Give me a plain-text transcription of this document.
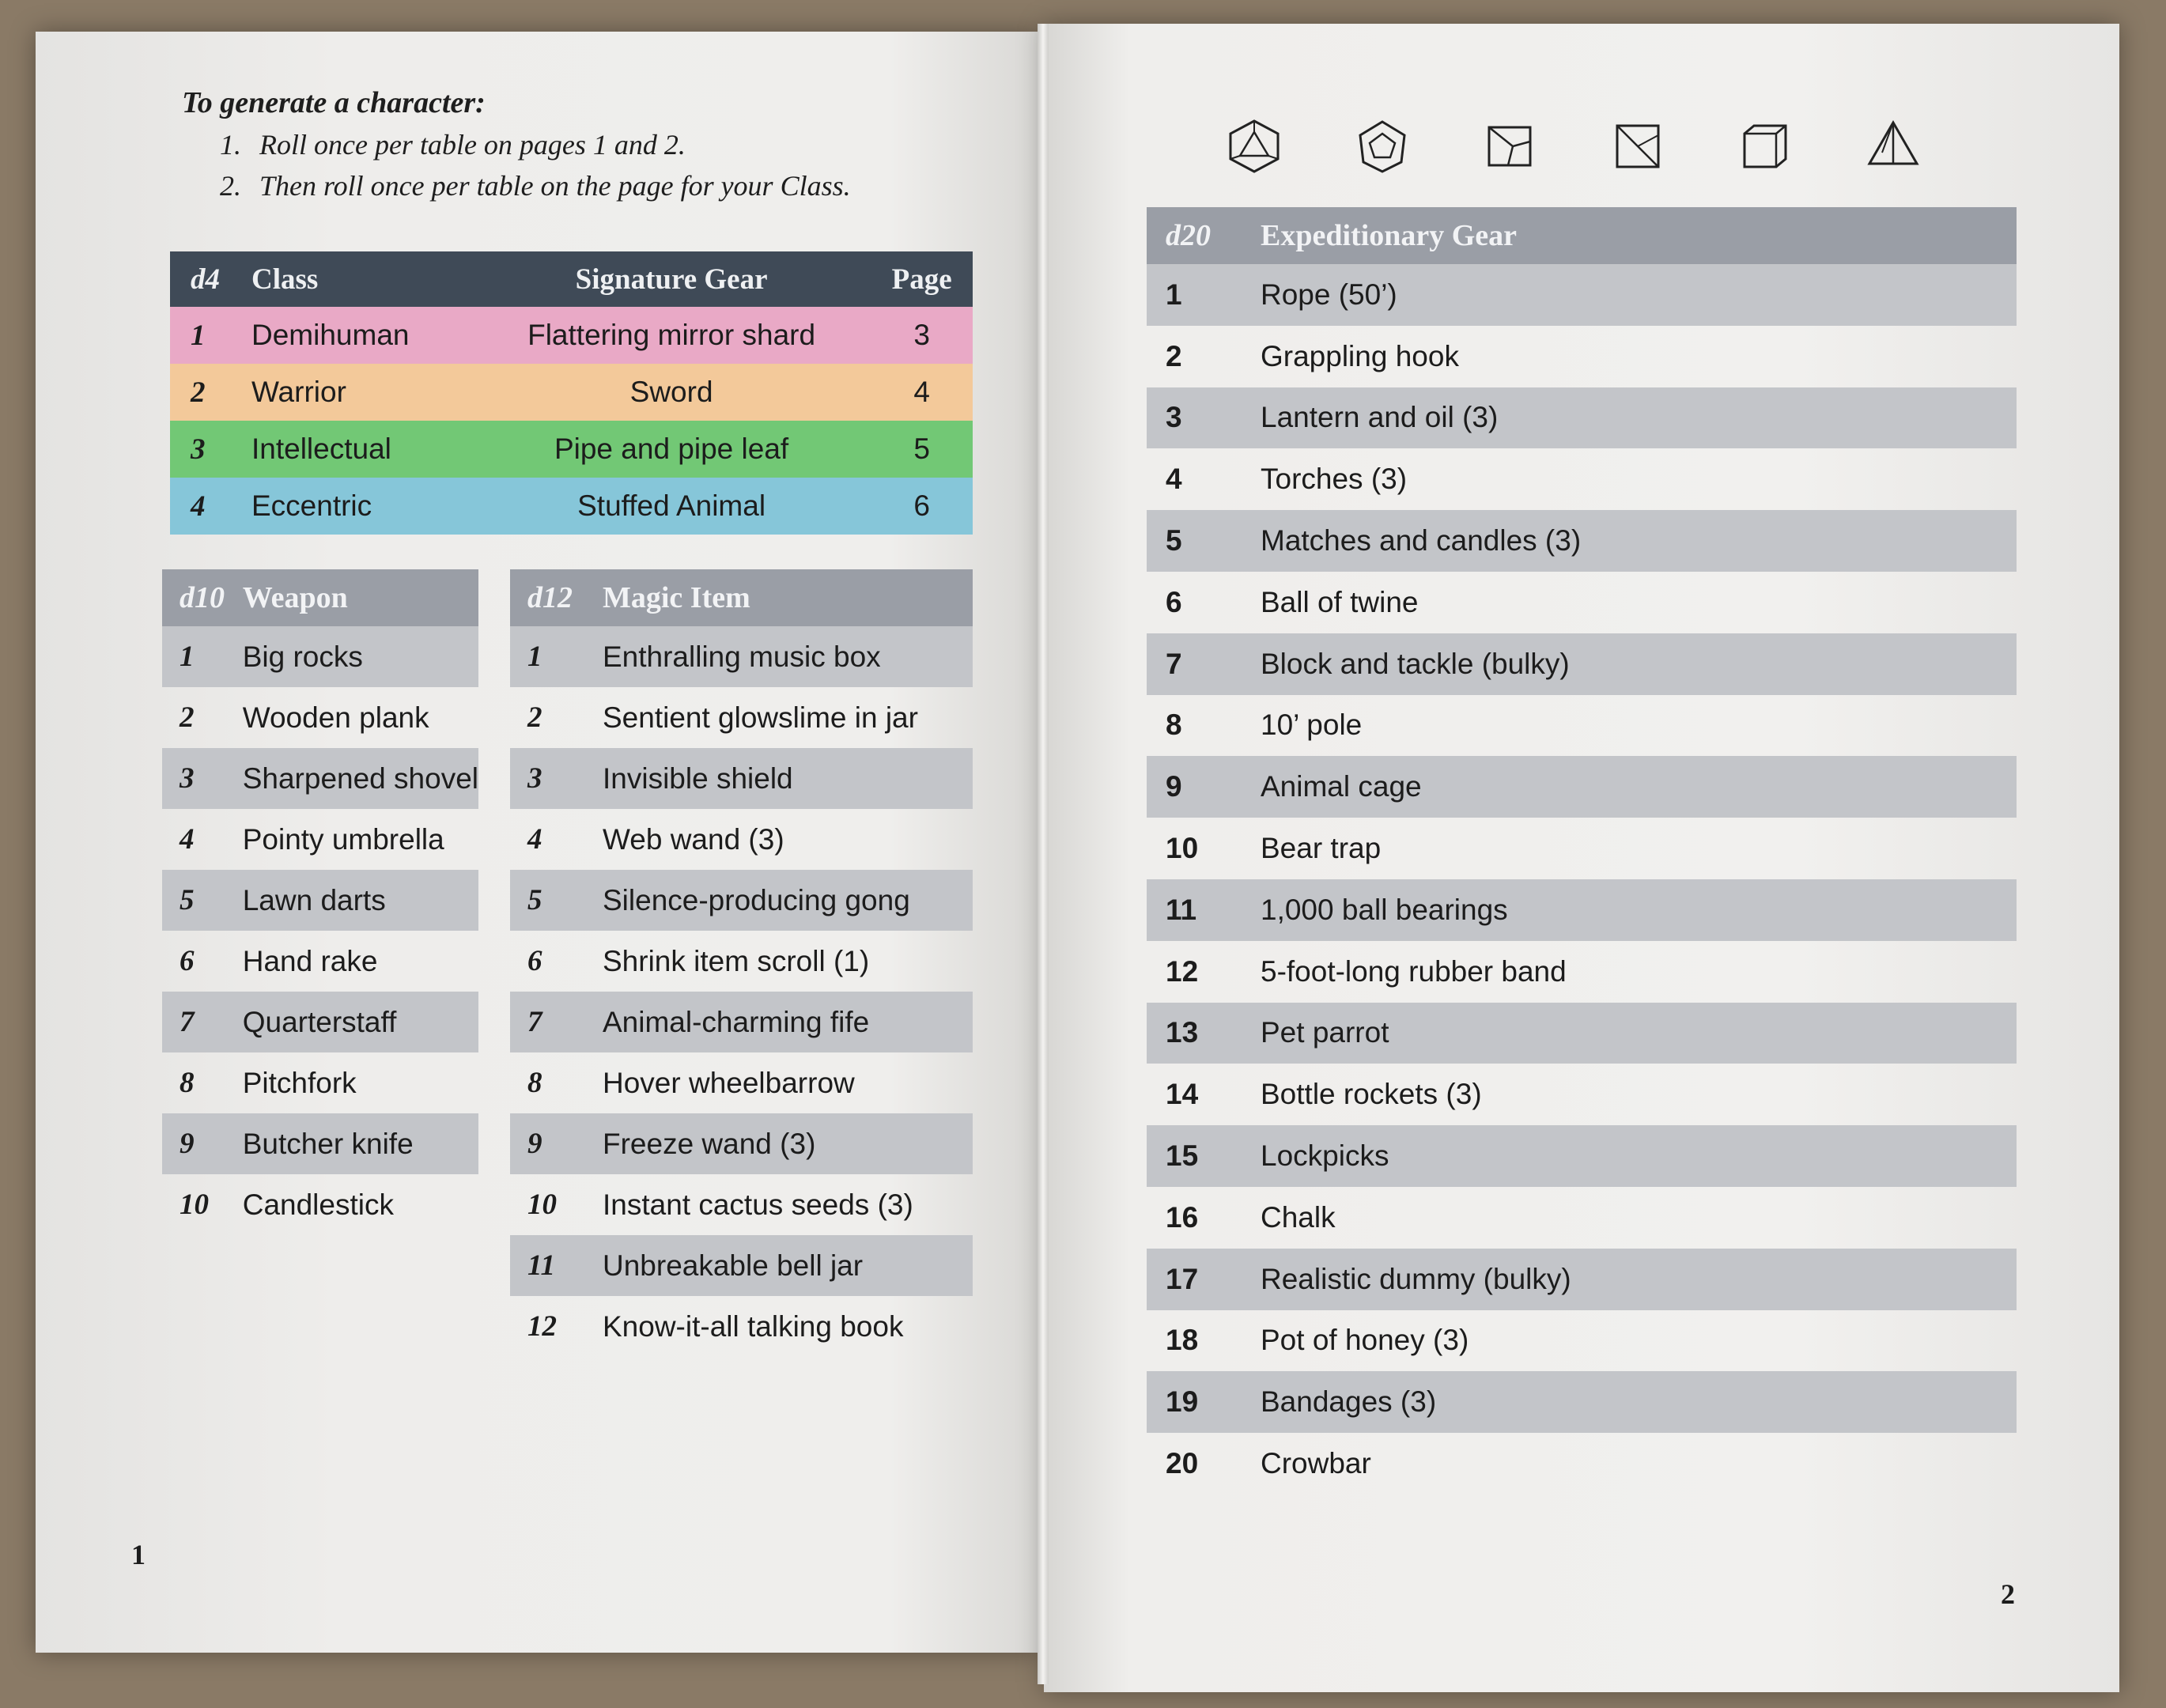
To generate a character:
1. Roll once per table on pages 1 and 2.
2. Then roll once per table on the page for your Class.
d4	Class	Signature Gear	Page
1	Demihuman	Flattering mirror shard	3
2	Warrior	Sword	4
3	Intellectual	Pipe and pipe leaf	5
4	Eccentric	Stuffed Animal	6
d10	Weapon
1	Big rocks
2	Wooden plank
3	Sharpened shovel
4	Pointy umbrella
5	Lawn darts
6	Hand rake
7	Quarterstaff
8	Pitchfork
9	Butcher knife
10	Candlestick
d12	Magic Item
1	Enthralling music box
2	Sentient glowslime in jar
3	Invisible shield
4	Web wand (3)
5	Silence-producing gong
6	Shrink item scroll (1)
7	Animal-charming fife
8	Hover wheelbarrow
9	Freeze wand (3)
10	Instant cactus seeds (3)
11	Unbreakable bell jar
12	Know-it-all talking book
d20	Expeditionary Gear
1	Rope (50’)
2	Grappling hook
3	Lantern and oil (3)
4	Torches (3)
5	Matches and candles (3)
6	Ball of twine
7	Block and tackle (bulky)
8	10’ pole
9	Animal cage
10	Bear trap
11	1,000 ball bearings
12	5-foot-long rubber band
13	Pet parrot
14	Bottle rockets (3)
15	Lockpicks
16	Chalk
17	Realistic dummy (bulky)
18	Pot of honey (3)
19	Bandages (3)
20	Crowbar
1
2
